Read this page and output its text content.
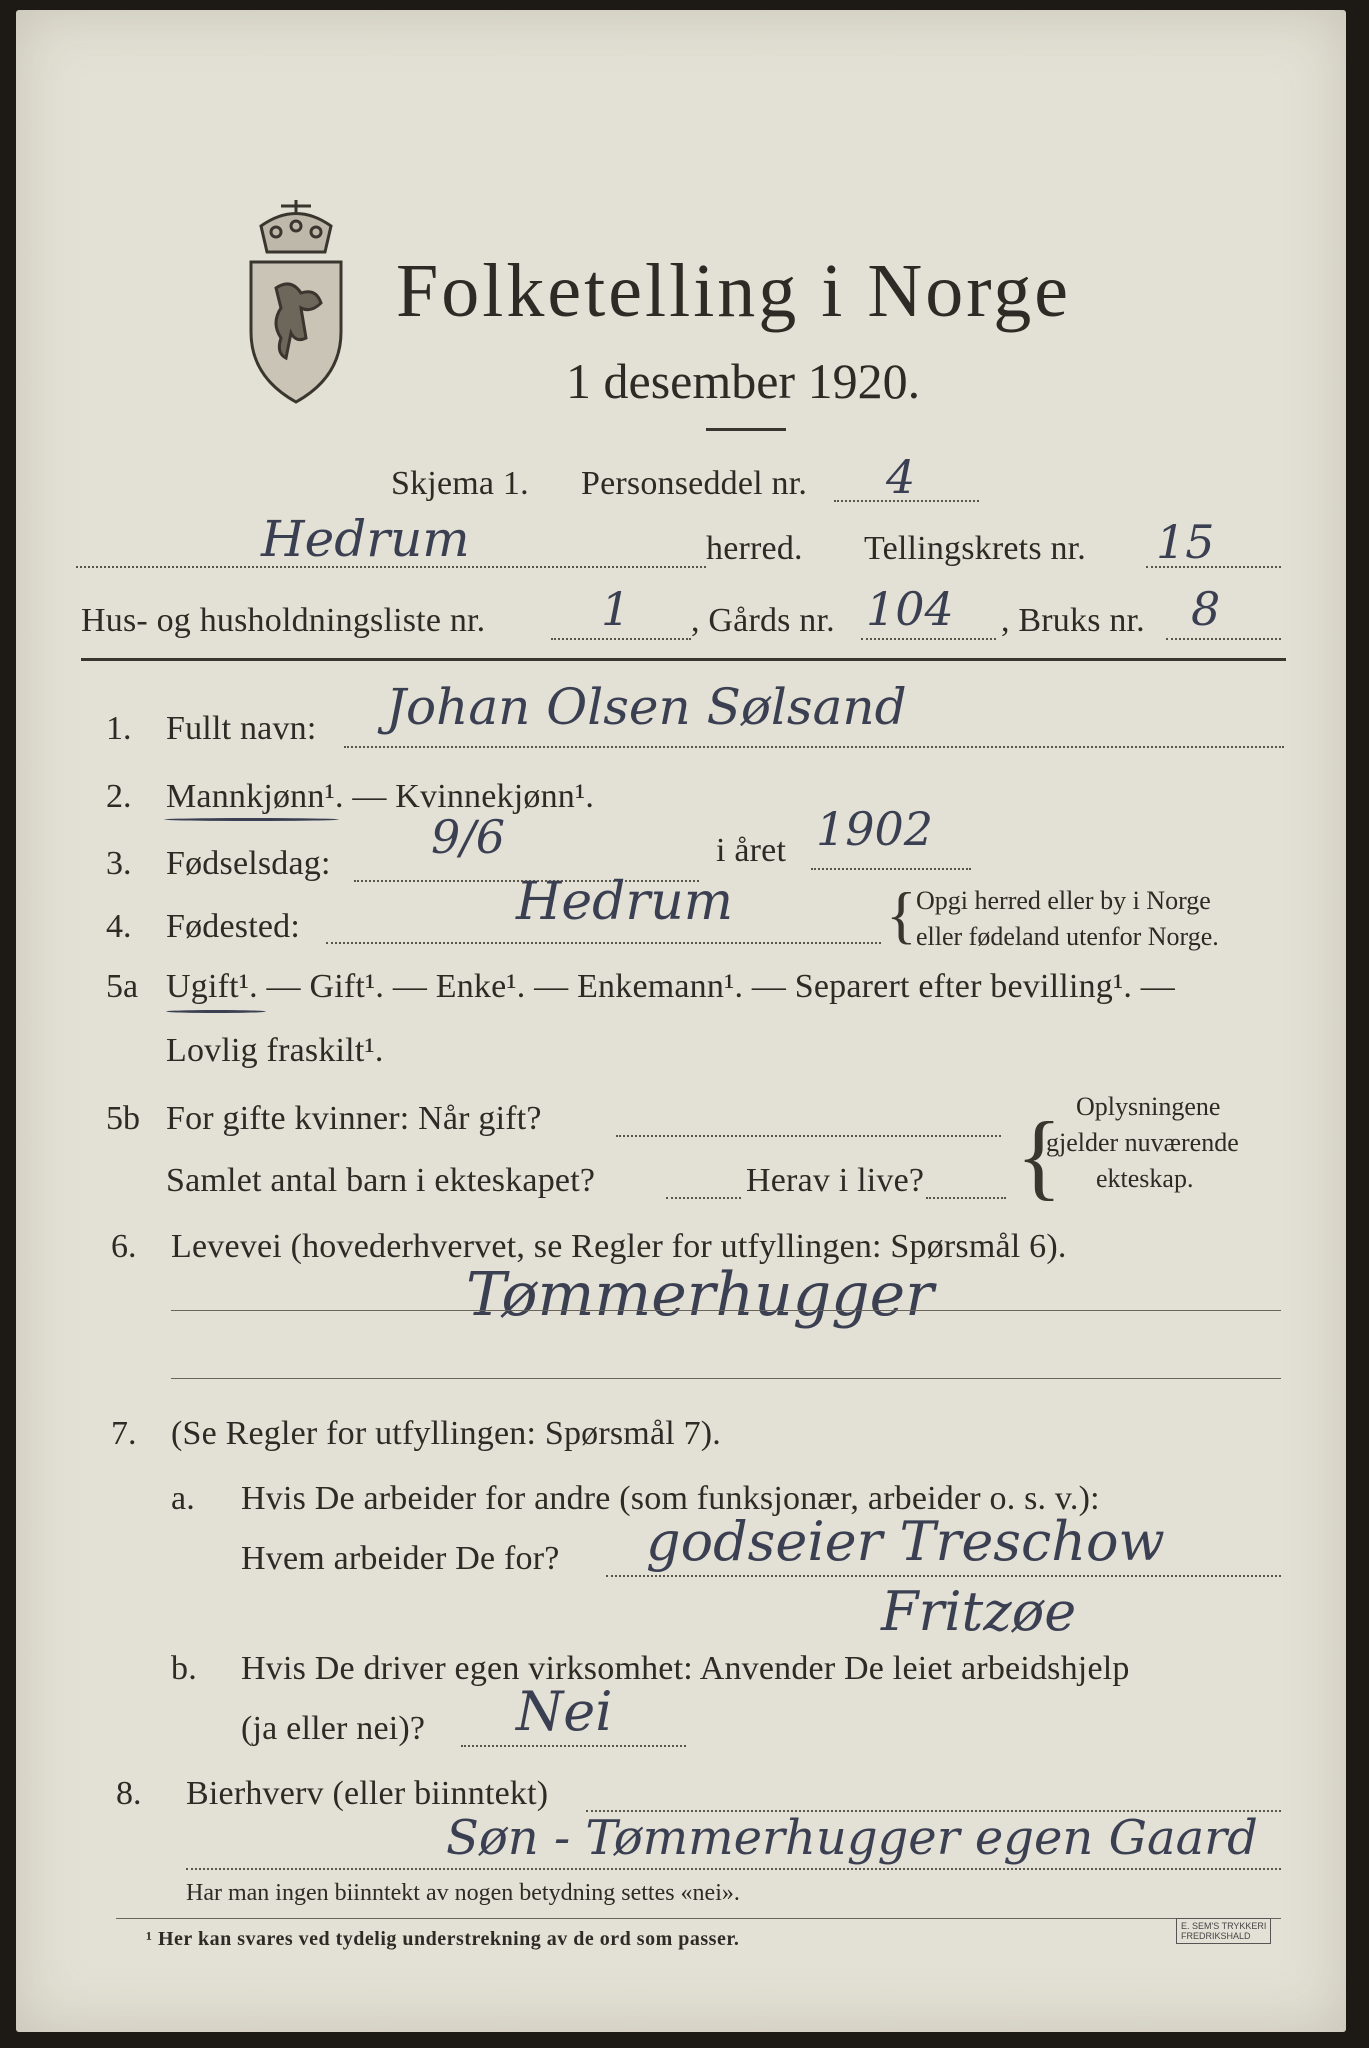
Folketelling i Norge
1 desember 1920.
Skjema 1. Personseddel nr. 4
Hedrum	herred. Tellingskrets nr. 15
Hus- og husholdningsliste nr.	1 , Gårds nr. 104 , Bruks nr. 8
1. Fullt navn: Johan Olsen Sølsand
2. Mannkjønn¹. — Kvinnekjønn¹.
3. Fødselsdag: 9/6	i året 1902
4. Fødested:	Hedrum { Opgi herred eller by i Norge
eller fødeland utenfor Norge.
5a Ugift¹. — Gift¹. — Enke¹. — Enkemann¹. — Separert efter bevilling¹. —
Lovlig fraskilt¹.
5b For gifte kvinner: Når gift?
Samlet antal barn i ekteskapet?	Herav i live? { Oplysningene
gjelder nuværende
ekteskap.
6. Levevei (hovederhvervet, se Regler for utfyllingen: Spørsmål 6).
Tømmerhugger
7. (Se Regler for utfyllingen: Spørsmål 7).
a. Hvis De arbeider for andre (som funksjonær, arbeider o. s. v.):
Hvem arbeider De for? godseier Treschow
Fritzøe
b. Hvis De driver egen virksomhet: Anvender De leiet arbeidshjelp
(ja eller nei)? Nei
8. Bierhverv (eller biinntekt)
Søn - Tømmerhugger egen Gaard
Har man ingen biinntekt av nogen betydning settes «nei».
¹ Her kan svares ved tydelig understrekning av de ord som passer.
E. SEM'S TRYKKERI
FREDRIKSHALD
